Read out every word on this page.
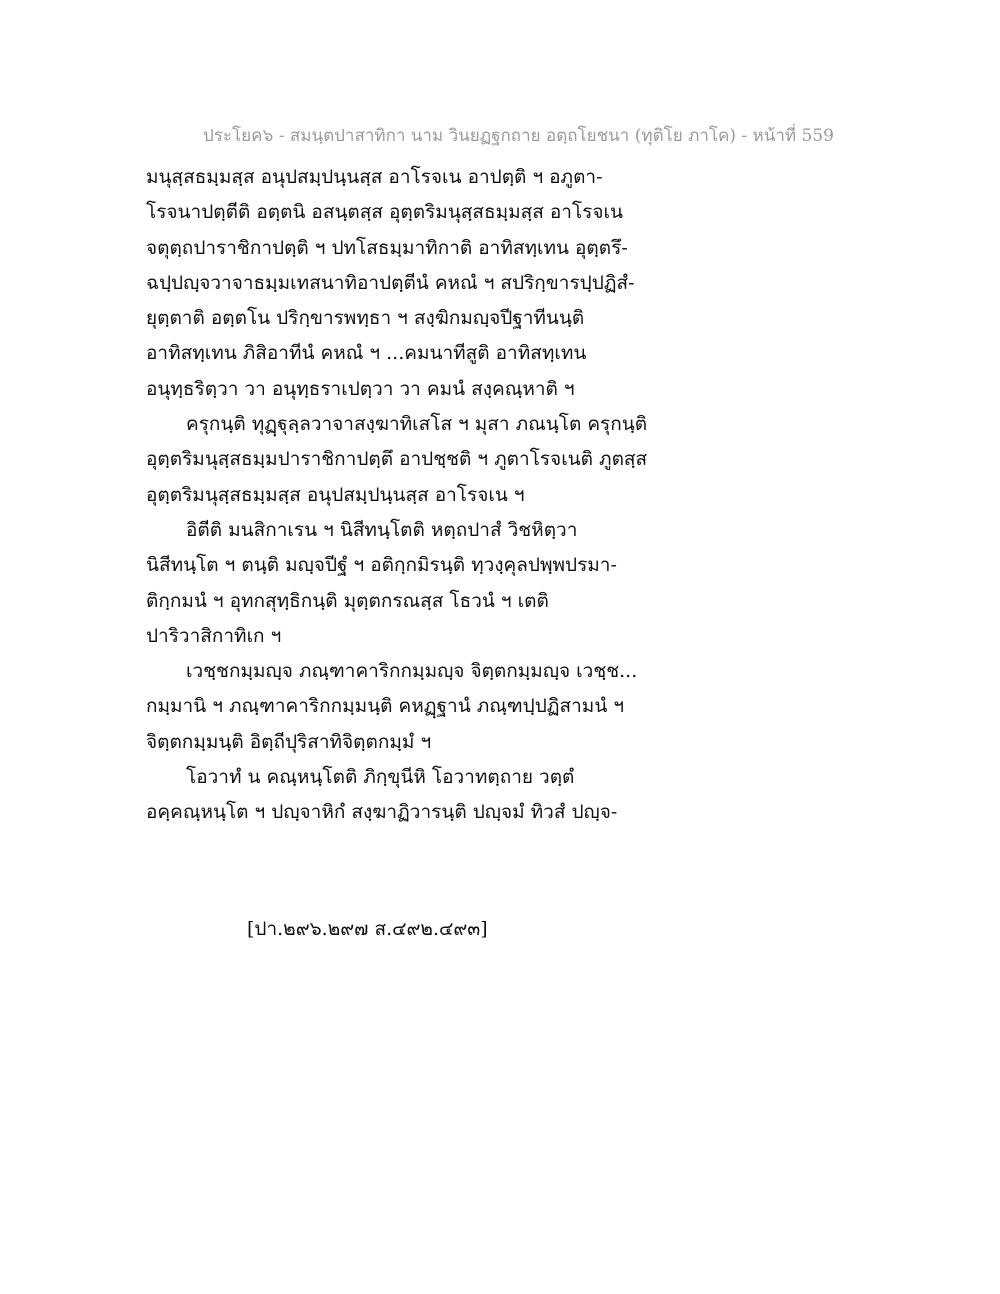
ประโยค๖ - สมนฺตปาสาทิกา นาม วินยฏฐกถาย อตฺถโยชนา (ทุติโย ภาโค) - หน้าที่ 559
มนุสฺสธมฺมสฺส อนุปสมฺปนฺนสฺส อาโรจเน อาปตฺติ ฯ อภูตา-
โรจนาปตฺตีติ อตฺตนิ อสนฺตสฺส อุตฺตริมนุสฺสธมฺมสฺส อาโรจเน
จตุตฺถปาราชิกาปตฺติ ฯ ปทโสธมฺมาทิกาติ อาทิสทฺเทน อุตฺตรึ-
ฉปฺปญฺจวาจาธมฺมเทสนาทิอาปตฺตีนํ คหณํ ฯ สปริกฺขารปฺปฏิสํ-
ยุตฺตาติ อตฺตโน ปริกฺขารพทฺธา ฯ สงฺฆิกมญฺจปีฐาทีนนฺติ
อาทิสทฺเทน ภิสิอาทีนํ คหณํ ฯ ...คมนาทีสูติ อาทิสทฺเทน
อนุทฺธริตฺวา วา อนุทฺธราเปตฺวา วา คมนํ สงฺคณฺหาติ ฯ
ครุกนฺติ ทุฏฺฐุลฺลวาจาสงฺฆาทิเสโส ฯ มุสา ภณนฺโต ครุกนฺติ
อุตฺตริมนุสฺสธมฺมปาราชิกาปตฺตึ อาปชฺชติ ฯ ภูตาโรจเนติ ภูตสฺส
อุตฺตริมนุสฺสธมฺมสฺส อนุปสมฺปนฺนสฺส อาโรจเน ฯ
อิตีติ มนสิกาเรน ฯ นิสีทนฺโตติ หตฺถปาสํ วิชหิตฺวา
นิสีทนฺโต ฯ ตนฺติ มญฺจปีฐํ ฯ อติกฺกมิรนฺติ ทฺวงฺคุลปพฺพปรมา-
ติกฺกมนํ ฯ อุทกสุทฺธิกนฺติ มุตฺตกรณสฺส โธวนํ ฯ เตติ
ปาริวาสิกาทิเก ฯ
เวชฺชกมฺมญฺจ ภณฺฑาคาริกกมฺมญฺจ จิตฺตกมฺมญฺจ เวชฺช...
กมฺมานิ ฯ ภณฺฑาคาริกกมฺมนฺติ คหฏฺฐานํ ภณฺฑปฺปฏิสามนํ ฯ
จิตฺตกมฺมนฺติ อิตฺถีปุริสาทิจิตฺตกมฺมํ ฯ
โอวาทํ น คณฺหนฺโตติ ภิกฺขุนีหิ โอวาทตฺถาย วตฺตํ
อคฺคณฺหนฺโต ฯ ปญฺจาหิกํ สงฺฆาฏิวารนฺติ ปญฺจมํ ทิวสํ ปญฺจ-
[ปา.๒๙๖.๒๙๗ ส.๔๙๒.๔๙๓]
